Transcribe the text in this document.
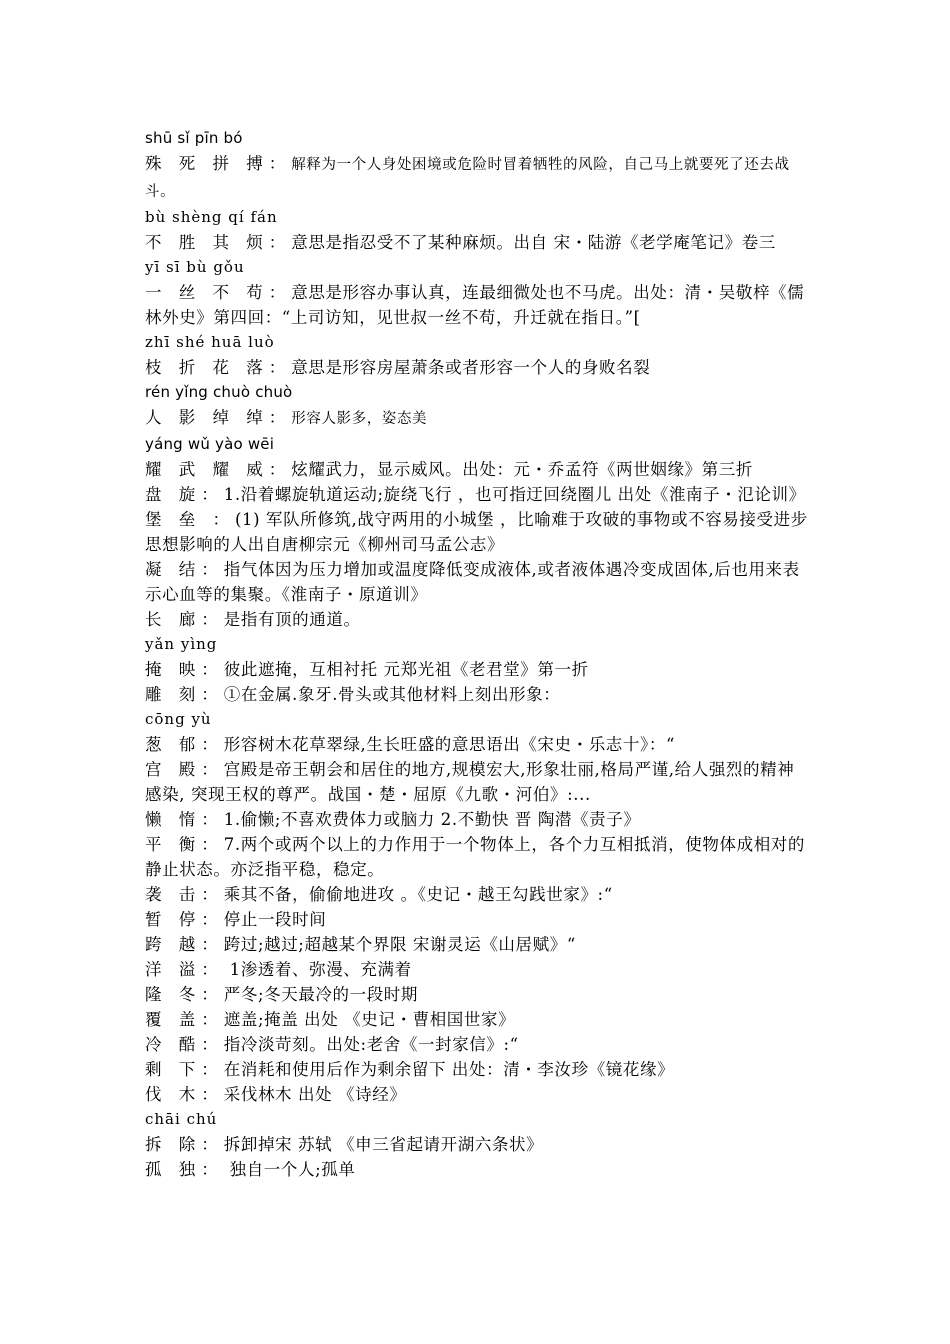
shū sǐ pīn bó

殊 死 拼 搏：解释为一个人身处困境或危险时冒着牺牲的风险，自己马上就要死了还去战斗。

bù shèng qí fán

不 胜 其 烦：意思是指忍受不了某种麻烦。出自 宋・陆游《老学庵笔记》卷三

yī sī bù gǒu

一 丝 不 苟：意思是形容办事认真，连最细微处也不马虎。出处：清・吴敬梓《儒林外史》第四回：“上司访知，见世叔一丝不苟，升迁就在指日。”[

zhī shé huā luò

枝 折 花 落：意思是形容房屋萧条或者形容一个人的身败名裂

rén yǐng chuò chuò

人 影 绰 绰：形容人影多，姿态美

yáng wǔ yào wēi

耀 武 耀 威：炫耀武力，显示威风。出处：元・乔孟符《两世姻缘》第三折

盘 旋：1.沿着螺旋轨道运动;旋绕飞行 ，也可指迂回绕圈儿 出处《淮南子・氾论训》

堡 垒 ：(1) 军队所修筑,战守两用的小城堡 ，比喻难于攻破的事物或不容易接受进步思想影响的人出自唐柳宗元《柳州司马孟公志》

凝 结：指气体因为压力增加或温度降低变成液体,或者液体遇冷变成固体,后也用来表示心血等的集聚。《淮南子・原道训》

长 廊：是指有顶的通道。

yǎn yìng

掩 映：彼此遮掩，互相衬托 元郑光祖《老君堂》第一折

雕 刻：①在金属.象牙.骨头或其他材料上刻出形象：

cōng yù

葱 郁：形容树木花草翠绿,生长旺盛的意思语出《宋史・乐志十》：“

宫 殿：宫殿是帝王朝会和居住的地方,规模宏大,形象壮丽,格局严谨,给人强烈的精神感染, 突现王权的尊严。战国・楚・屈原《九歌・河伯》:...

懒 惰：1.偷懒;不喜欢费体力或脑力 2.不勤快 晋 陶潜《责子》

平 衡：7.两个或两个以上的力作用于一个物体上，各个力互相抵消，使物体成相对的静止状态。亦泛指平稳，稳定。

袭 击：乘其不备，偷偷地进攻 。《史记・越王勾践世家》:“

暂 停：停止一段时间

跨 越：跨过;越过;超越某个界限 宋谢灵运《山居赋》“

洋 溢： 1渗透着、弥漫、充满着

隆 冬：严冬;冬天最冷的一段时期

覆 盖：遮盖;掩盖 出处 《史记・曹相国世家》

冷 酷：指冷淡苛刻。出处:老舍《一封家信》:“

剩 下：在消耗和使用后作为剩余留下 出处：清・李汝珍《镜花缘》

伐 木：采伐林木 出处 《诗经》

chāi chú

拆 除：拆卸掉宋 苏轼 《申三省起请开湖六条状》

孤 独： 独自一个人;孤单
